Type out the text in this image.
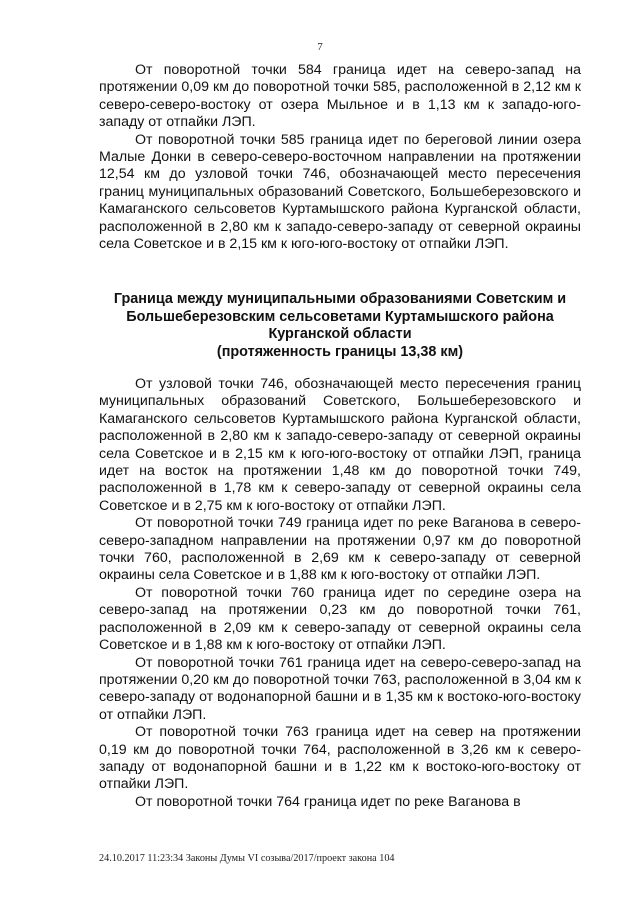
7

От поворотной точки 584 граница идет на северо-запад на протяжении 0,09 км до поворотной точки 585, расположенной в 2,12 км к северо-северо-востоку от озера Мыльное и в 1,13 км к западо-юго-западу от отпайки ЛЭП.

От поворотной точки 585 граница идет по береговой линии озера Малые Донки в северо-северо-восточном направлении на протяжении 12,54 км до узловой точки 746, обозначающей место пересечения границ муниципальных образований Советского, Большеберезовского и Камаганского сельсоветов Куртамышского района Курганской области, расположенной в 2,80 км к западо-северо-западу от северной окраины села Советское и в 2,15 км к юго-юго-востоку от отпайки ЛЭП.

Граница между муниципальными образованиями Советским и
Большеберезовским сельсоветами Куртамышского района
Курганской области
(протяженность границы 13,38 км)

От узловой точки 746, обозначающей место пересечения границ муниципальных образований Советского, Большеберезовского и Камаганского сельсоветов Куртамышского района Курганской области, расположенной в 2,80 км к западо-северо-западу от северной окраины села Советское и в 2,15 км к юго-юго-востоку от отпайки ЛЭП, граница идет на восток на протяжении 1,48 км до поворотной точки 749, расположенной в 1,78 км к северо-западу от северной окраины села Советское и в 2,75 км к юго-востоку от отпайки ЛЭП.

От поворотной точки 749 граница идет по реке Ваганова в северо-северо-западном направлении на протяжении 0,97 км до поворотной точки 760, расположенной в 2,69 км к северо-западу от северной окраины села Советское и в 1,88 км к юго-востоку от отпайки ЛЭП.

От поворотной точки 760 граница идет по середине озера на северо-запад на протяжении 0,23 км до поворотной точки 761, расположенной в 2,09 км к северо-западу от северной окраины села Советское и в 1,88 км к юго-востоку от отпайки ЛЭП.

От поворотной точки 761 граница идет на северо-северо-запад на протяжении 0,20 км до поворотной точки 763, расположенной в 3,04 км к северо-западу от водонапорной башни и в 1,35 км к востоко-юго-востоку от отпайки ЛЭП.

От поворотной точки 763 граница идет на север на протяжении 0,19 км до поворотной точки 764, расположенной в 3,26 км к северо-западу от водонапорной башни и в 1,22 км к востоко-юго-востоку от отпайки ЛЭП.

От поворотной точки 764 граница идет по реке Ваганова в

24.10.2017 11:23:34 Законы Думы VI созыва/2017/проект закона 104
